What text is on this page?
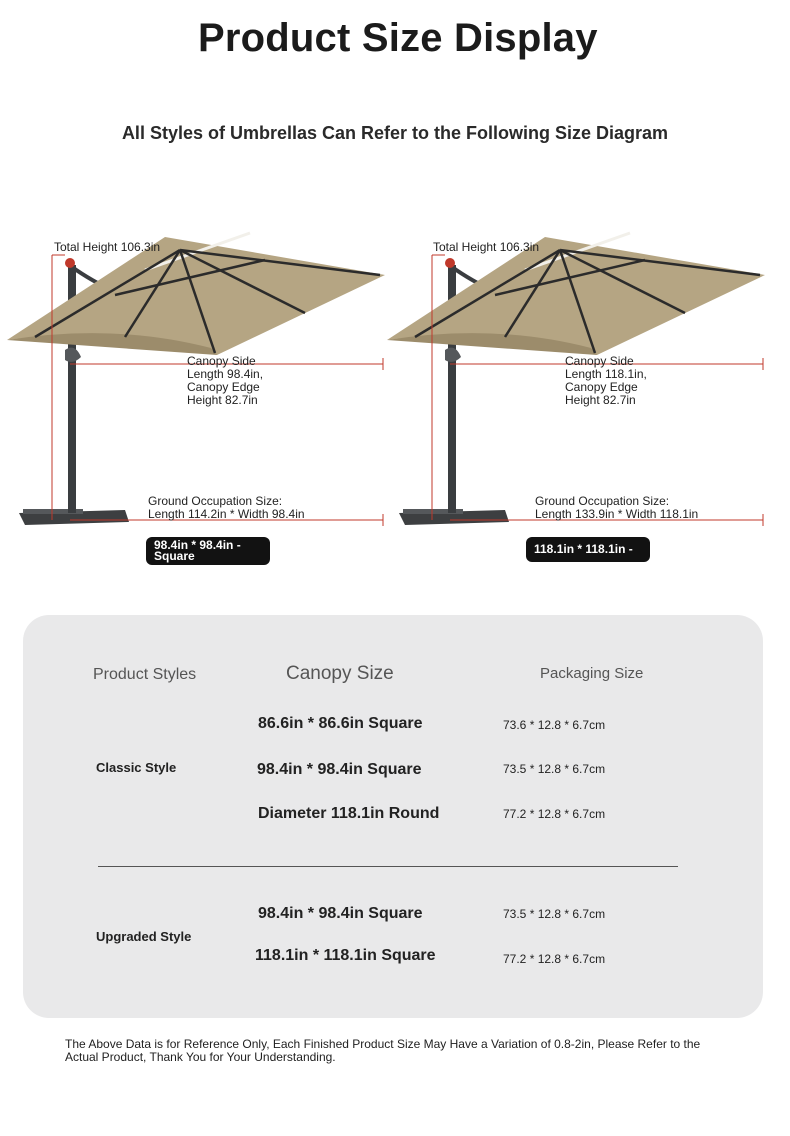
Product Size Display
All Styles of Umbrellas Can Refer to the Following Size Diagram
Total Height 106.3in
Canopy Side Length 98.4in, Canopy Edge Height 82.7in
Ground Occupation Size:
Length 114.2in * Width 98.4in
98.4in * 98.4in - Square
Total Height 106.3in
Canopy Side Length 118.1in, Canopy Edge Height 82.7in
Ground Occupation Size:
Length 133.9in * Width 118.1in
118.1in * 118.1in -
Product Styles	Canopy Size	Packaging Size
Classic Style
86.6in * 86.6in Square	73.6 * 12.8 * 6.7cm
98.4in * 98.4in Square	73.5 * 12.8 * 6.7cm
Diameter 118.1in Round	77.2 * 12.8 * 6.7cm
Upgraded Style
98.4in * 98.4in Square	73.5 * 12.8 * 6.7cm
118.1in * 118.1in Square	77.2 * 12.8 * 6.7cm
The Above Data is for Reference Only, Each Finished Product Size May Have a Variation of 0.8-2in, Please Refer to the Actual Product, Thank You for Your Understanding.
